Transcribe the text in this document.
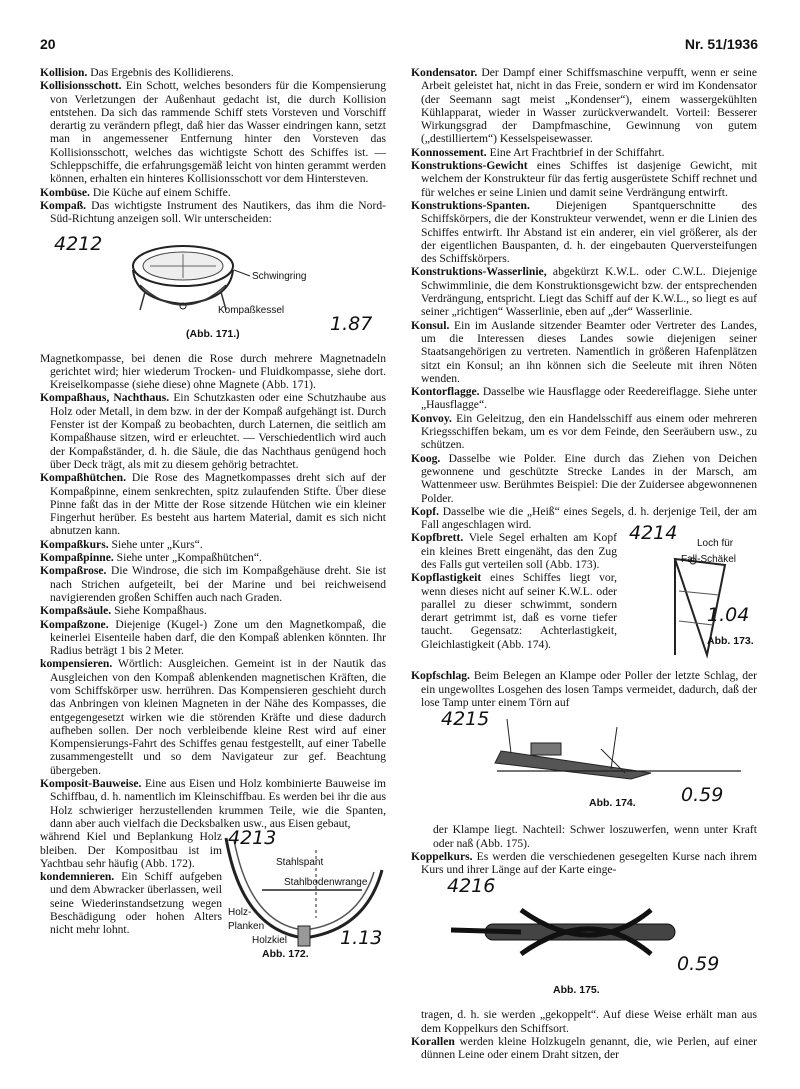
20	Nr. 51/1936

Kollision. Das Ergebnis des Kollidierens.

Kollisionsschott. Ein Schott, welches besonders für die Kompensierung von Verletzungen der Außenhaut gedacht ist, die durch Kollision entstehen. Da sich das rammende Schiff stets Vorsteven und Vorschiff derartig zu verändern pflegt, daß hier das Wasser eindringen kann, setzt man in angemessener Entfernung hinter den Vorsteven das Kollisionsschott, welches das wichtigste Schott des Schiffes ist. — Schleppschiffe, die erfahrungsgemäß leicht von hinten gerammt werden können, erhalten ein hinteres Kollisionsschott vor dem Hintersteven.

Kombüse. Die Küche auf einem Schiffe.

Kompaß. Das wichtigste Instrument des Nautikers, das ihm die Nord-Süd-Richtung anzeigen soll. Wir unterscheiden:

4212
Schwingring
Kompaßkessel
(Abb. 171.)	1.87

Magnetkompasse, bei denen die Rose durch mehrere Magnetnadeln gerichtet wird; hier wiederum Trocken- und Fluidkompasse, siehe dort. Kreiselkompasse (siehe diese) ohne Magnete (Abb. 171).

Kompaßhaus, Nachthaus. Ein Schutzkasten oder eine Schutzhaube aus Holz oder Metall, in dem bzw. in der der Kompaß aufgehängt ist. Durch Fenster ist der Kompaß zu beobachten, durch Laternen, die seitlich am Kompaßhause sitzen, wird er erleuchtet. — Verschiedentlich wird auch der Kompaßständer, d. h. die Säule, die das Nachthaus genügend hoch über Deck trägt, als mit zu diesem gehörig betrachtet.

Kompaßhütchen. Die Rose des Magnetkompasses dreht sich auf der Kompaßpinne, einem senkrechten, spitz zulaufenden Stifte. Über diese Pinne faßt das in der Mitte der Rose sitzende Hütchen wie ein kleiner Fingerhut herüber. Es besteht aus hartem Material, damit es sich nicht abnutzen kann.

Kompaßkurs. Siehe unter „Kurs“.

Kompaßpinne. Siehe unter „Kompaßhütchen“.

Kompaßrose. Die Windrose, die sich im Kompaßgehäuse dreht. Sie ist nach Strichen aufgeteilt, bei der Marine und bei reichweisend navigierenden großen Schiffen auch nach Graden.

Kompaßsäule. Siehe Kompaßhaus.

Kompaßzone. Diejenige (Kugel-) Zone um den Magnetkompaß, die keinerlei Eisenteile haben darf, die den Kompaß ablenken könnten. Ihr Radius beträgt 1 bis 2 Meter.

kompensieren. Wörtlich: Ausgleichen. Gemeint ist in der Nautik das Ausgleichen von den Kompaß ablenkenden magnetischen Kräften, die vom Schiffskörper usw. herrühren. Das Kompensieren geschieht durch das Anbringen von kleinen Magneten in der Nähe des Kompasses, die entgegengesetzt wirken wie die störenden Kräfte und diese dadurch aufheben sollen. Der noch verbleibende kleine Rest wird auf einer Kompensierungs-Fahrt des Schiffes genau festgestellt, auf einer Tabelle zusammengestellt und so dem Navigateur zur gef. Beachtung übergeben.

Komposit-Bauweise. Eine aus Eisen und Holz kombinierte Bauweise im Schiffbau, d. h. namentlich im Kleinschiffbau. Es werden bei ihr die aus Holz schwieriger herzustellenden krummen Teile, wie die Spanten, dann aber auch vielfach die Decksbalken usw., aus Eisen gebaut,

4213
Stahlspant
Stahlbodenwrange
Holz-Planken
Holzkiel
Abb. 172.
1.13

während Kiel und Beplankung Holz bleiben. Der Kompositbau ist im Yachtbau sehr häufig (Abb. 172).

kondemnieren. Ein Schiff aufgeben und dem Abwracker überlassen, weil seine Wiederinstandsetzung wegen Beschädigung oder hohen Alters nicht mehr lohnt.

Kondensator. Der Dampf einer Schiffsmaschine verpufft, wenn er seine Arbeit geleistet hat, nicht in das Freie, sondern er wird im Kondensator (der Seemann sagt meist „Kondenser“), einem wassergekühlten Kühlapparat, wieder in Wasser zurückverwandelt. Vorteil: Besserer Wirkungsgrad der Dampfmaschine, Gewinnung von gutem („destilliertem“) Kesselspeisewasser.

Konnossement. Eine Art Frachtbrief in der Schiffahrt.

Konstruktions-Gewicht eines Schiffes ist dasjenige Gewicht, mit welchem der Konstrukteur für das fertig ausgerüstete Schiff rechnet und für welches er seine Linien und damit seine Verdrängung entwirft.

Konstruktions-Spanten. Diejenigen Spantquerschnitte des Schiffskörpers, die der Konstrukteur verwendet, wenn er die Linien des Schiffes entwirft. Ihr Abstand ist ein anderer, ein viel größerer, als der der eigentlichen Bauspanten, d. h. der eingebauten Querversteifungen des Schiffskörpers.

Konstruktions-Wasserlinie, abgekürzt K.W.L. oder C.W.L. Diejenige Schwimmlinie, die dem Konstruktionsgewicht bzw. der entsprechenden Verdrängung, entspricht. Liegt das Schiff auf der K.W.L., so liegt es auf seiner „richtigen“ Wasserlinie, eben auf „der“ Wasserlinie.

Konsul. Ein im Auslande sitzender Beamter oder Vertreter des Landes, um die Interessen dieses Landes sowie diejenigen seiner Staatsangehörigen zu vertreten. Namentlich in größeren Hafenplätzen sitzt ein Konsul; an ihn können sich die Seeleute mit ihren Nöten wenden.

Kontorflagge. Dasselbe wie Hausflagge oder Reedereiflagge. Siehe unter „Hausflagge“.

Konvoy. Ein Geleitzug, den ein Handelsschiff aus einem oder mehreren Kriegsschiffen bekam, um es vor dem Feinde, den Seeräubern usw., zu schützen.

Koog. Dasselbe wie Polder. Eine durch das Ziehen von Deichen gewonnene und geschützte Strecke Landes in der Marsch, am Wattenmeer usw. Berühmtes Beispiel: Die der Zuidersee abgewonnenen Polder.

Kopf. Dasselbe wie die „Heiß“ eines Segels, d. h. derjenige Teil, der am Fall angeschlagen wird.	4214 Loch für
Fall-Schäkel
1.04
Abb. 173.

Kopfbrett. Viele Segel erhalten am Kopf ein kleines Brett eingenäht, das den Zug des Falls gut verteilen soll (Abb. 173).

Kopflastigkeit eines Schiffes liegt vor, wenn dieses nicht auf seiner K.W.L. oder parallel zu dieser schwimmt, sondern derart getrimmt ist, daß es vorne tiefer taucht. Gegensatz: Achterlastigkeit, Gleichlastigkeit (Abb. 174).

Kopfschlag. Beim Belegen an Klampe oder Poller der letzte Schlag, der ein ungewolltes Losgehen des losen Tamps vermeidet, dadurch, daß der lose Tamp unter einem Törn auf

4215
Abb. 174. 0.59

der Klampe liegt. Nachteil: Schwer loszuwerfen, wenn unter Kraft oder naß (Abb. 175).

Koppelkurs. Es werden die verschiedenen gesegelten Kurse nach ihrem Kurs und ihrer Länge auf der Karte einge-

4216
0.59
Abb. 175.

tragen, d. h. sie werden „gekoppelt“. Auf diese Weise erhält man aus dem Koppelkurs den Schiffsort.

Korallen werden kleine Holzkugeln genannt, die, wie Perlen, auf einer dünnen Leine oder einem Draht sitzen, der
